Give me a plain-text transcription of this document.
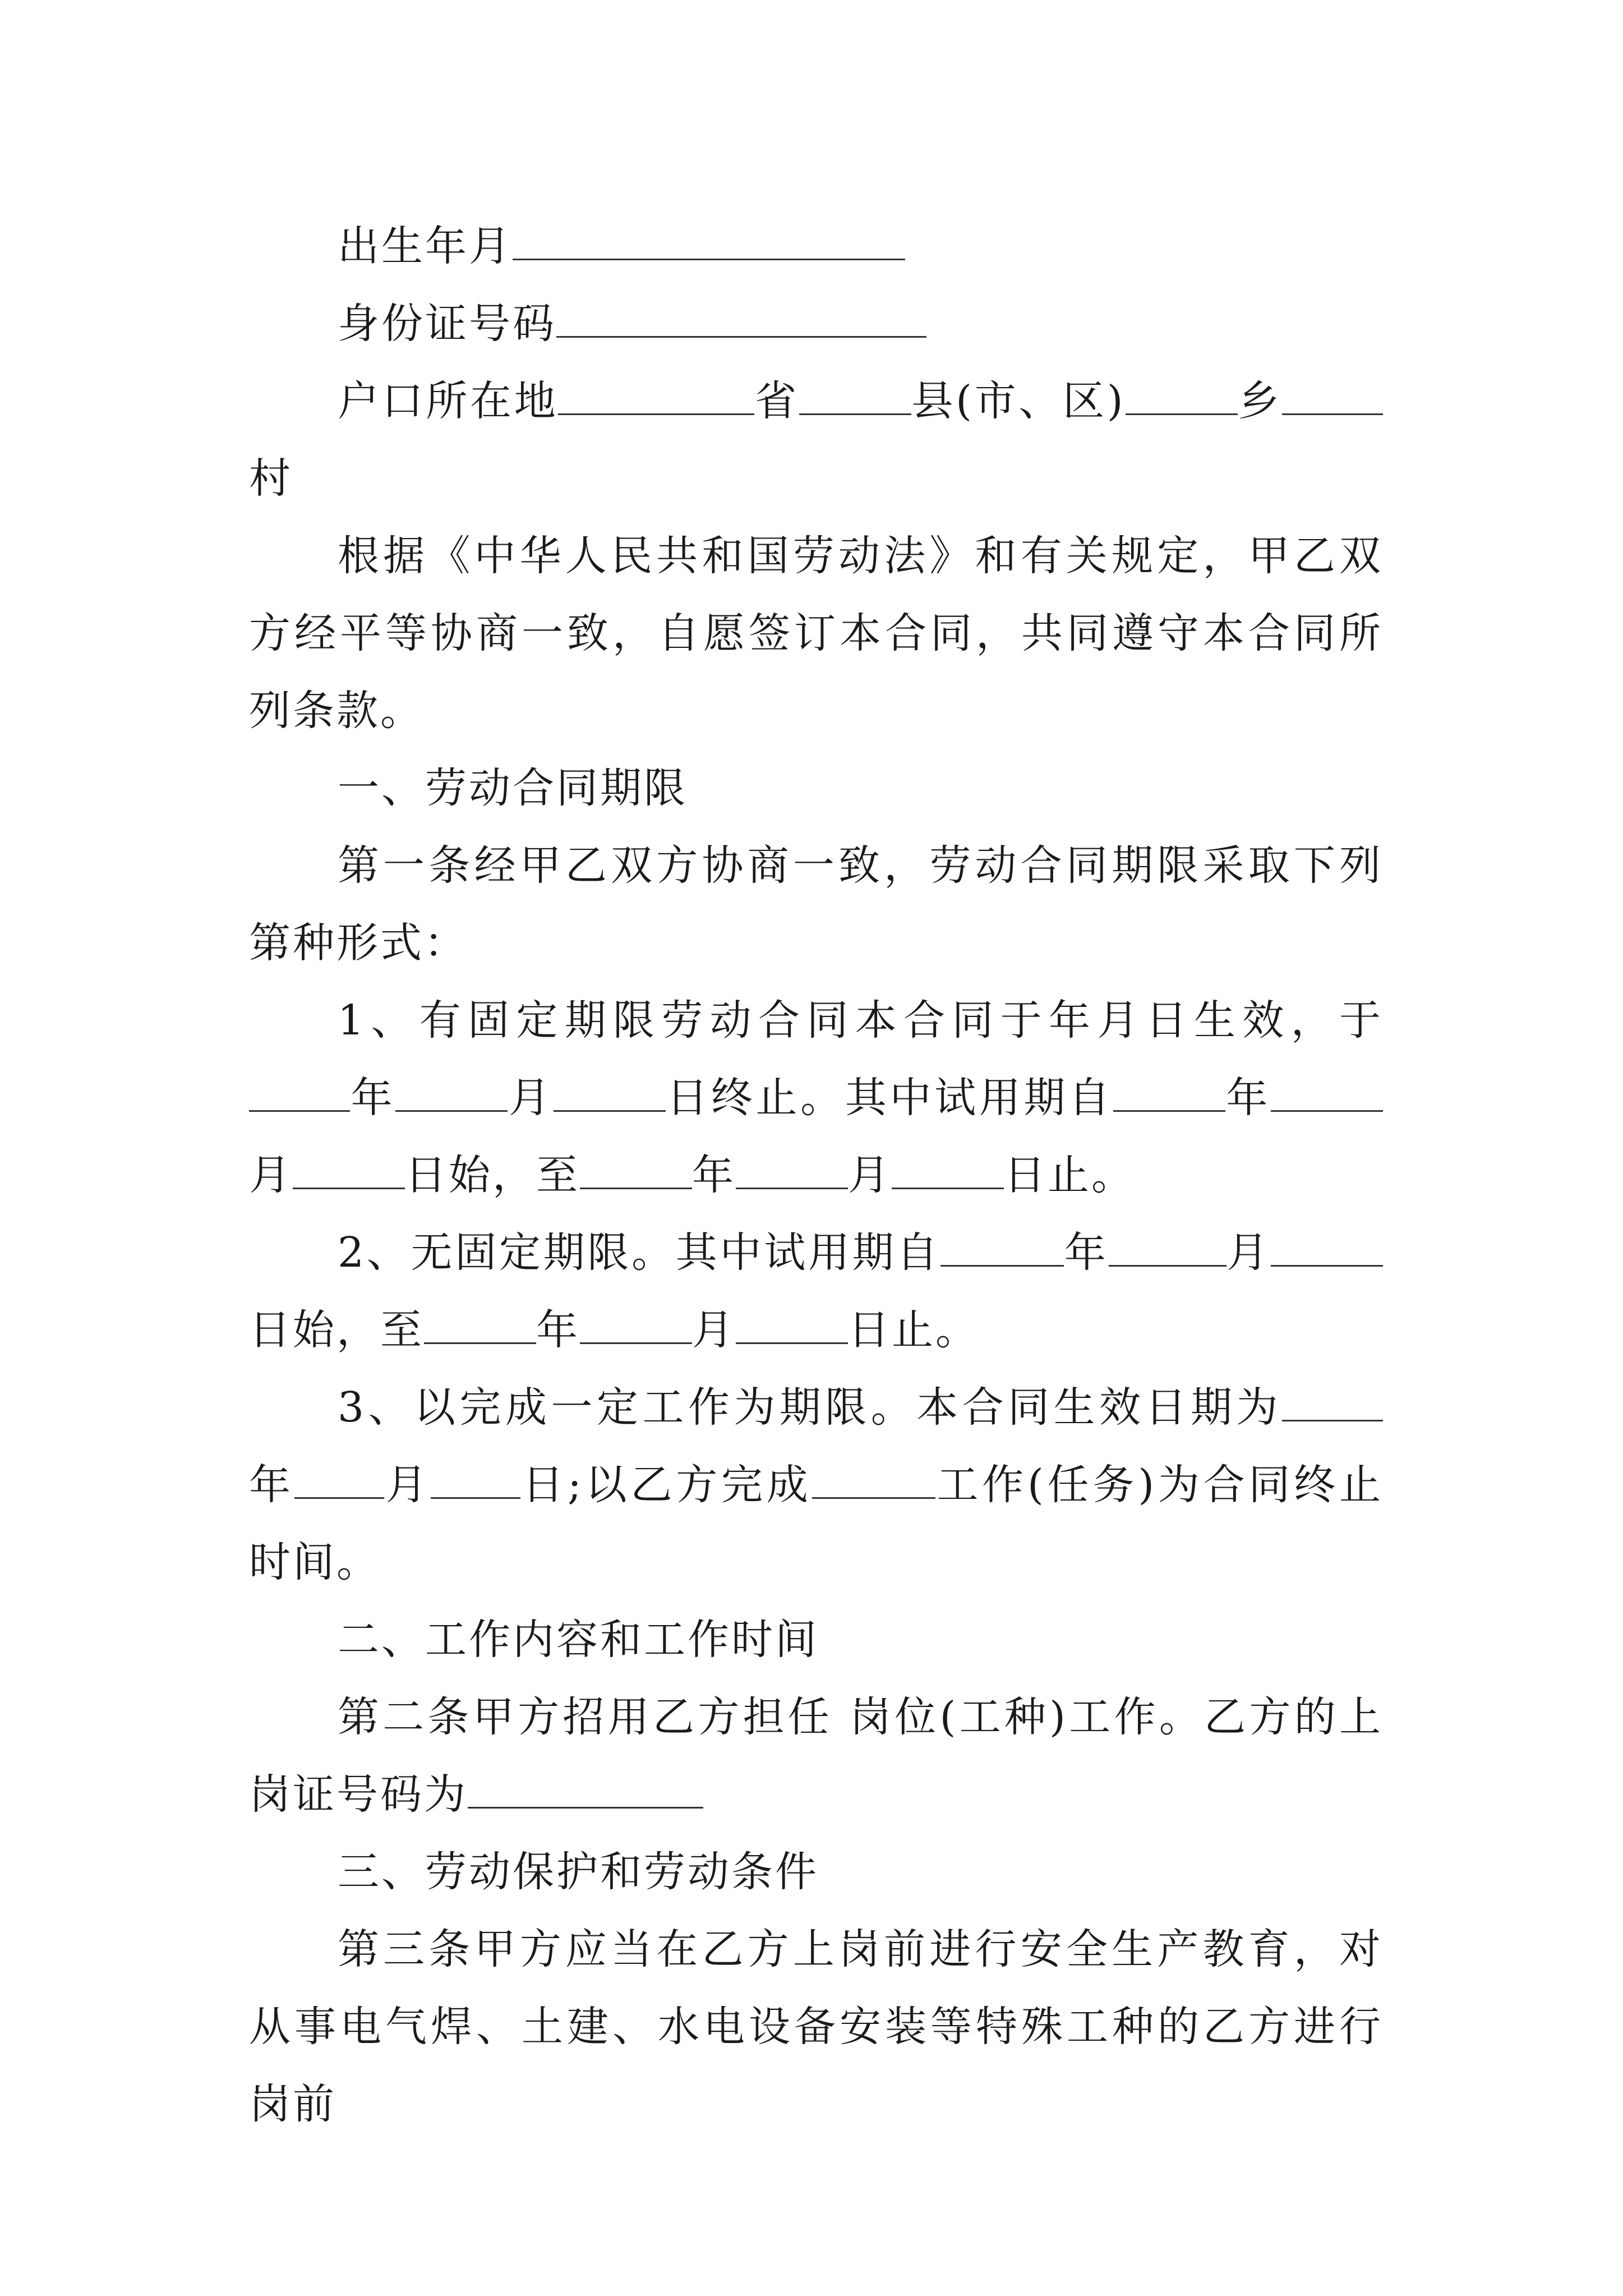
出生年月

身份证号码

户口所在地	省	县(市、区)	乡村

根据《中华人民共和国劳动法》和有关规定，甲乙双方经平等协商一致，自愿签订本合同，共同遵守本合同所列条款。

一、劳动合同期限

第一条经甲乙双方协商一致，劳动合同期限采取下列第种形式：

1、有固定期限劳动合同本合同于年月日生效，于年	月	日终止。其中试用期自	年月	日始，至	年	月	日止。

2、无固定期限。其中试用期自	年	月日始，至	年	月	日止。

3、以完成一定工作为期限。本合同生效日期为年 月 日;以乙方完成	工作(任务)为合同终止时间。

二、工作内容和工作时间

第二条甲方招用乙方担任 岗位(工种)工作。乙方的上岗证号码为

三、劳动保护和劳动条件

第三条甲方应当在乙方上岗前进行安全生产教育，对从事电气焊、土建、水电设备安装等特殊工种的乙方进行岗前
